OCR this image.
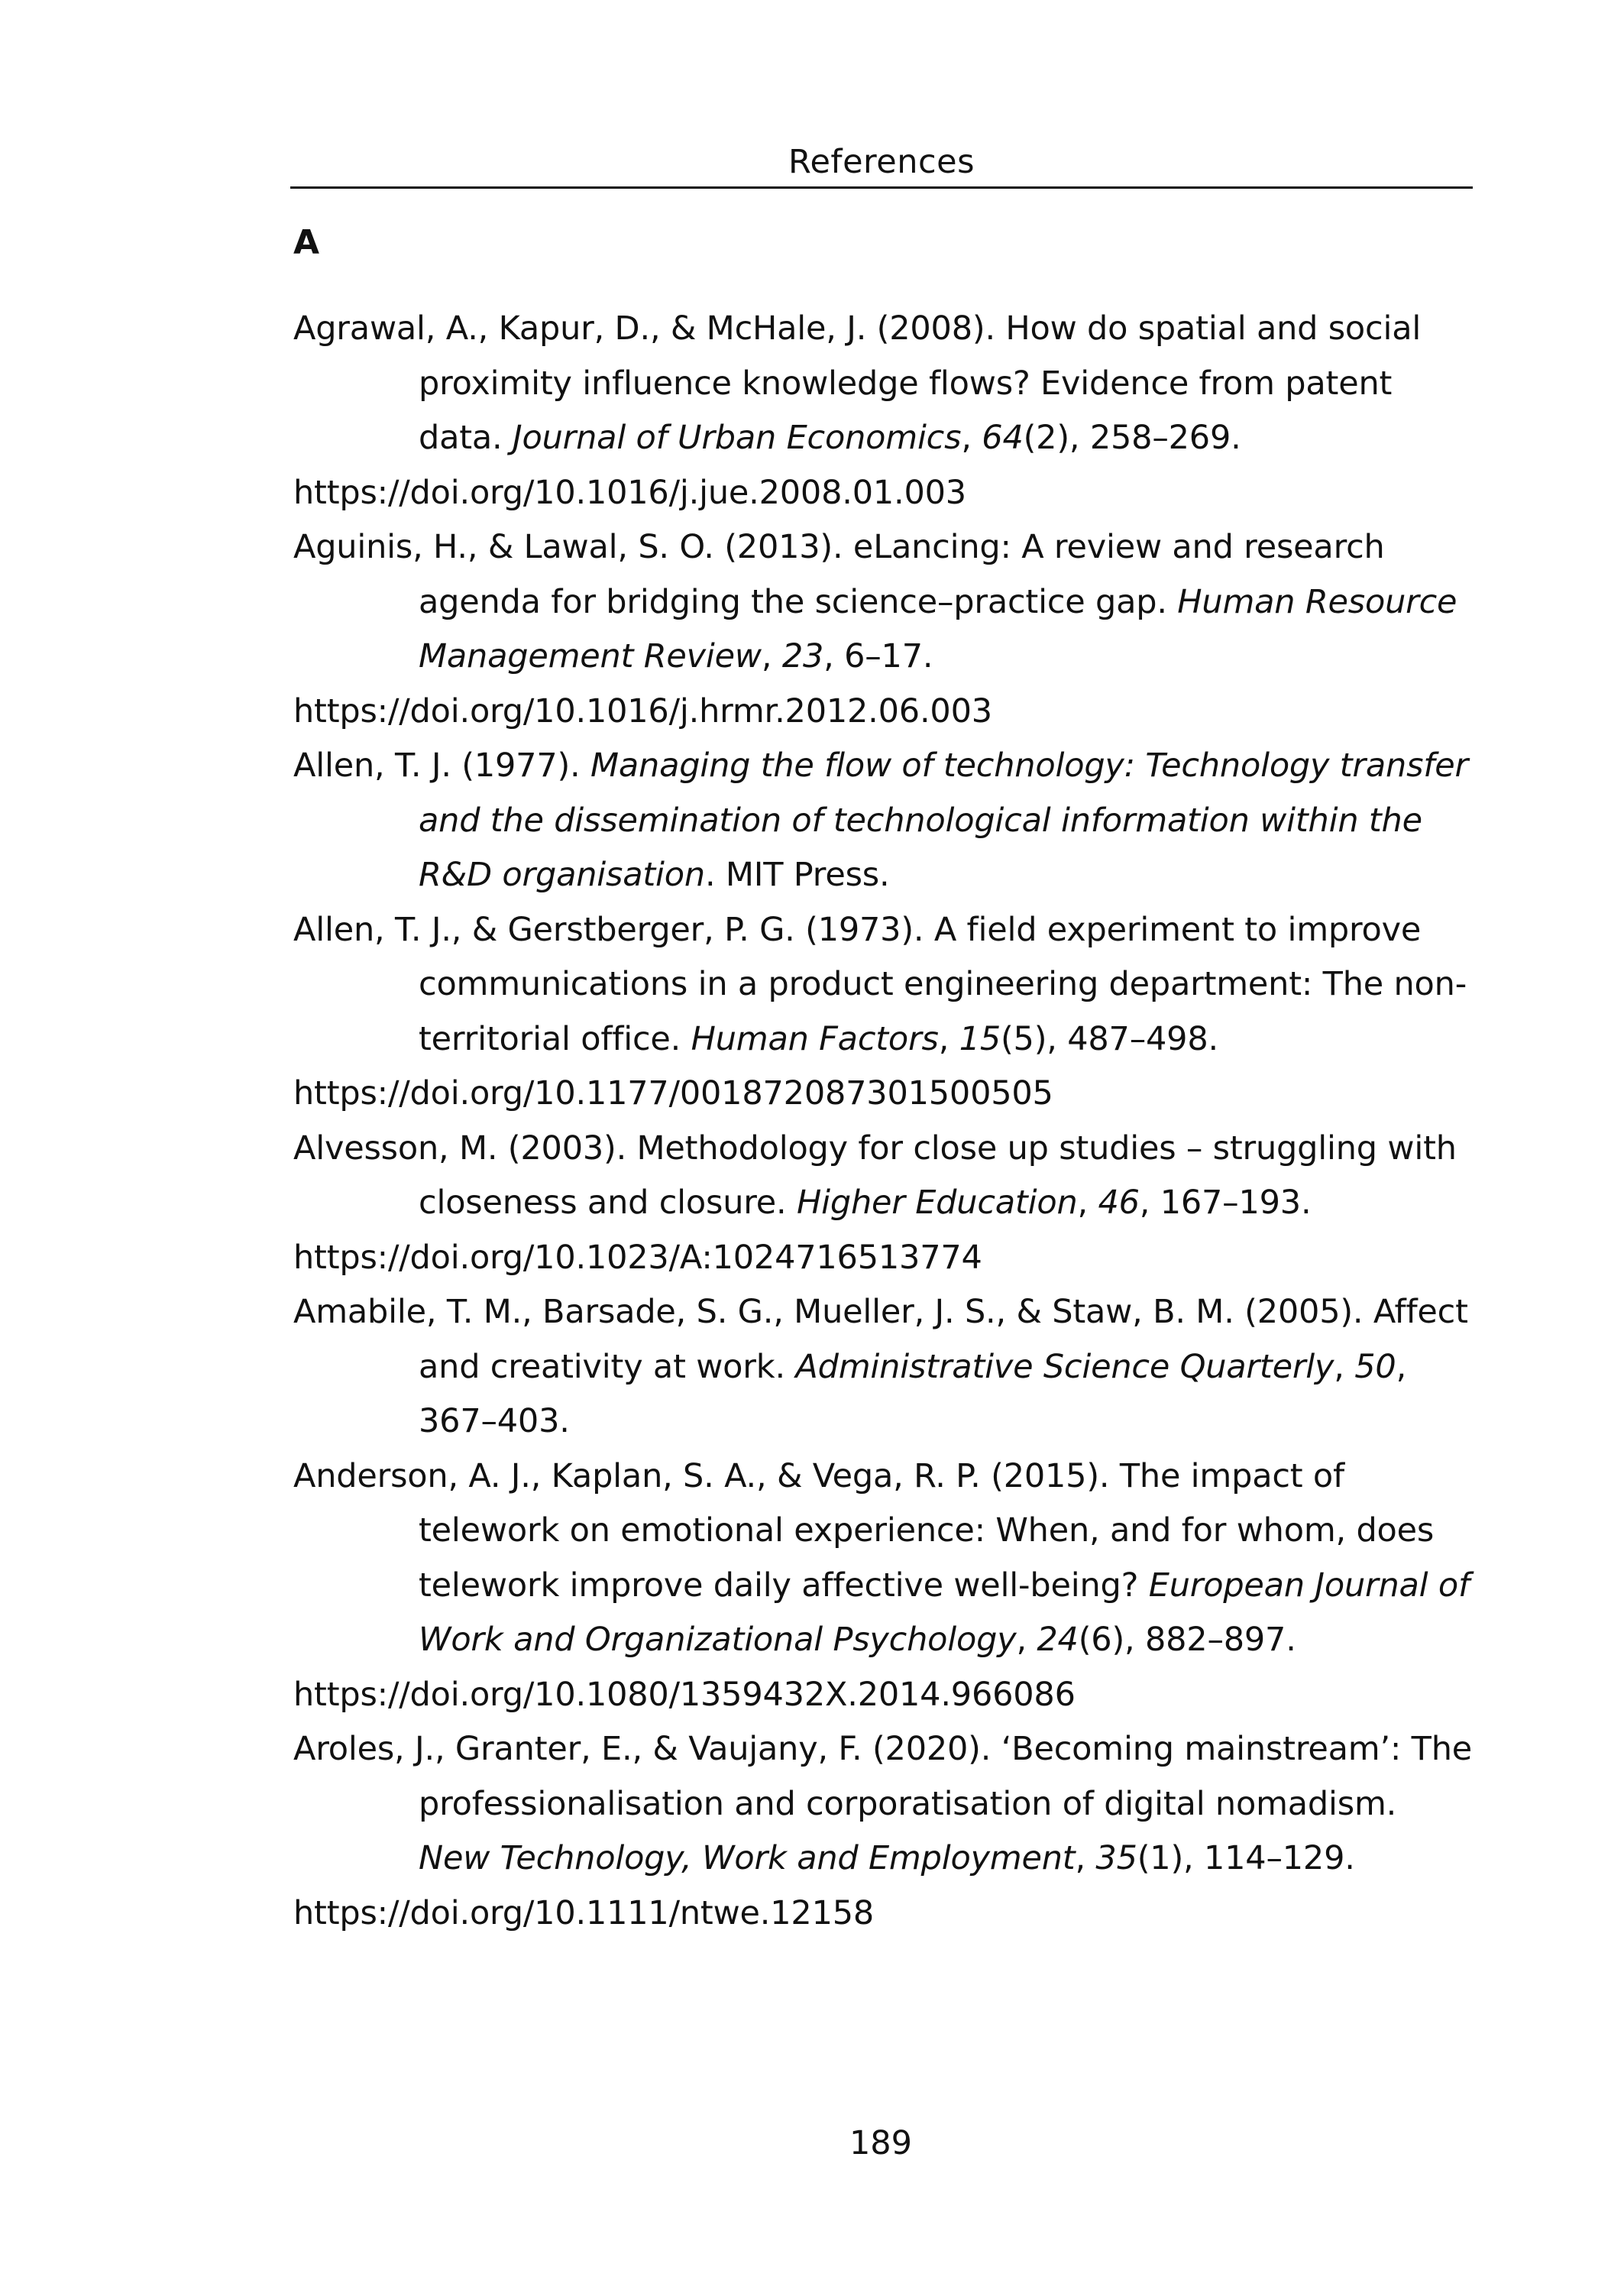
References
A

Agrawal, A., Kapur, D., & McHale, J. (2008). How do spatial and social proximity influence knowledge flows? Evidence from patent data. Journal of Urban Economics, 64(2), 258–269.
https://doi.org/10.1016/j.jue.2008.01.003

Aguinis, H., & Lawal, S. O. (2013). eLancing: A review and research agenda for bridging the science–practice gap. Human Resource Management Review, 23, 6–17.
https://doi.org/10.1016/j.hrmr.2012.06.003

Allen, T. J. (1977). Managing the flow of technology: Technology transfer and the dissemination of technological information within the R&D organisation. MIT Press.

Allen, T. J., & Gerstberger, P. G. (1973). A field experiment to improve communications in a product engineering department: The non-territorial office. Human Factors, 15(5), 487–498.
https://doi.org/10.1177/001872087301500505

Alvesson, M. (2003). Methodology for close up studies – struggling with closeness and closure. Higher Education, 46, 167–193.
https://doi.org/10.1023/A:1024716513774

Amabile, T. M., Barsade, S. G., Mueller, J. S., & Staw, B. M. (2005). Affect and creativity at work. Administrative Science Quarterly, 50, 367–403.

Anderson, A. J., Kaplan, S. A., & Vega, R. P. (2015). The impact of telework on emotional experience: When, and for whom, does telework improve daily affective well-being? European Journal of Work and Organizational Psychology, 24(6), 882–897.
https://doi.org/10.1080/1359432X.2014.966086

Aroles, J., Granter, E., & Vaujany, F. (2020). ‘Becoming mainstream’: The professionalisation and corporatisation of digital nomadism. New Technology, Work and Employment, 35(1), 114–129.
https://doi.org/10.1111/ntwe.12158

189
